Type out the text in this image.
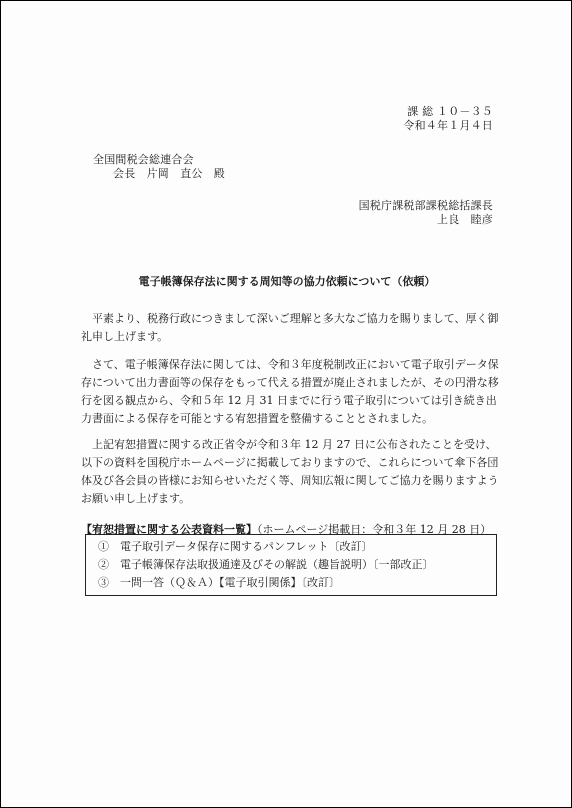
課 総 １０－３５
令和４年１月４日
全国間税会総連合会
会長　片岡　直公　殿
国税庁課税部課税総括課長
上良　睦彦
電子帳簿保存法に関する周知等の協力依頼について（依頼）
　平素より、税務行政につきまして深いご理解と多大なご協力を賜りまして、厚く御礼申し上げます。
　さて、電子帳簿保存法に関しては、令和３年度税制改正において電子取引データ保存について出力書面等の保存をもって代える措置が廃止されましたが、その円滑な移行を図る観点から、令和５年 12 月 31 日までに行う電子取引については引き続き出力書面による保存を可能とする宥恕措置を整備することとされました。
　上記宥恕措置に関する改正省令が令和３年 12 月 27 日に公布されたことを受け、以下の資料を国税庁ホームページに掲載しておりますので、これらについて傘下各団体及び各会員の皆様にお知らせいただく等、周知広報に関してご協力を賜りますようお願い申し上げます。
【宥恕措置に関する公表資料一覧】（ホームページ掲載日：令和３年 12 月 28 日）
①　電子取引データ保存に関するパンフレット〔改訂〕
②　電子帳簿保存法取扱通達及びその解説（趣旨説明）〔一部改正〕
③　一問一答（Ｑ＆Ａ）【電子取引関係】〔改訂〕
